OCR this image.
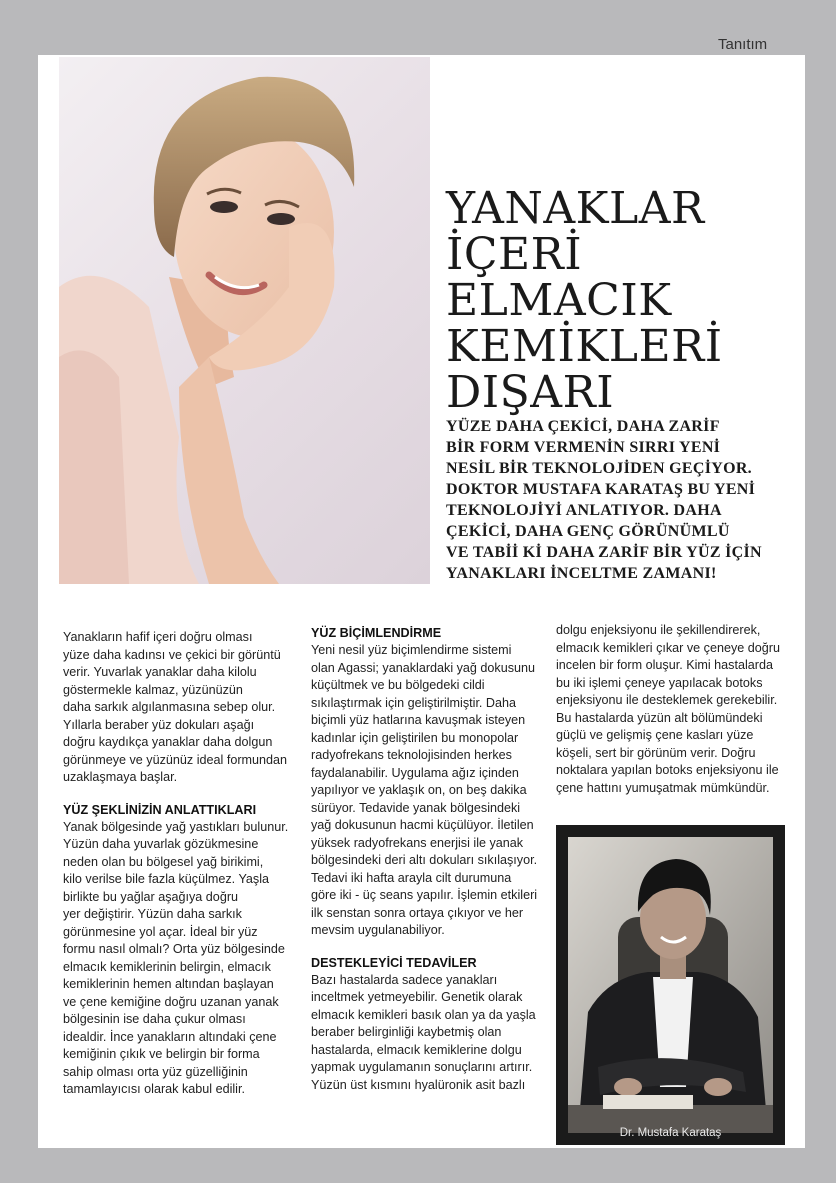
Tanıtım
YANAKLAR
İÇERİ
ELMACIK
KEMİKLERİ
DIŞARI

YÜZE DAHA ÇEKİCİ, DAHA ZARİF
BİR FORM VERMENİN SIRRI YENİ
NESİL BİR TEKNOLOJİDEN GEÇİYOR.
DOKTOR MUSTAFA KARATAŞ BU YENİ
TEKNOLOJİYİ ANLATIYOR. DAHA
ÇEKİCİ, DAHA GENÇ GÖRÜNÜMLÜ
VE TABİİ Kİ DAHA ZARİF BİR YÜZ İÇİN
YANAKLARI İNCELTME ZAMANI!

Yanakların hafif içeri doğru olması
yüze daha kadınsı ve çekici bir görüntü
verir. Yuvarlak yanaklar daha kilolu
göstermekle kalmaz, yüzünüzün
daha sarkık algılanmasına sebep olur.
Yıllarla beraber yüz dokuları aşağı
doğru kaydıkça yanaklar daha dolgun
görünmeye ve yüzünüz ideal formundan
uzaklaşmaya başlar.
YÜZ ŞEKLİNİZİN ANLATTIKLARI
Yanak bölgesinde yağ yastıkları bulunur.
Yüzün daha yuvarlak gözükmesine
neden olan bu bölgesel yağ birikimi,
kilo verilse bile fazla küçülmez. Yaşla
birlikte bu yağlar aşağıya doğru
yer değiştirir. Yüzün daha sarkık
görünmesine yol açar. İdeal bir yüz
formu nasıl olmalı? Orta yüz bölgesinde
elmacık kemiklerinin belirgin, elmacık
kemiklerinin hemen altından başlayan
ve çene kemiğine doğru uzanan yanak
bölgesinin ise daha çukur olması
idealdir. İnce yanakların altındaki çene
kemiğinin çıkık ve belirgin bir forma
sahip olması orta yüz güzelliğinin
tamamlayıcısı olarak kabul edilir.
YÜZ BİÇİMLENDİRME
Yeni nesil yüz biçimlendirme sistemi
olan Agassi; yanaklardaki yağ dokusunu
küçültmek ve bu bölgedeki cildi
sıkılaştırmak için geliştirilmiştir. Daha
biçimli yüz hatlarına kavuşmak isteyen
kadınlar için geliştirilen bu monopolar
radyofrekans teknolojisinden herkes
faydalanabilir. Uygulama ağız içinden
yapılıyor ve yaklaşık on, on beş dakika
sürüyor. Tedavide yanak bölgesindeki
yağ dokusunun hacmi küçülüyor. İletilen
yüksek radyofrekans enerjisi ile yanak
bölgesindeki deri altı dokuları sıkılaşıyor.
Tedavi iki hafta arayla cilt durumuna
göre iki - üç seans yapılır. İşlemin etkileri
ilk senstan sonra ortaya çıkıyor ve her
mevsim uygulanabiliyor.
DESTEKLEYİCİ TEDAVİLER
Bazı hastalarda sadece yanakları
inceltmek yetmeyebilir. Genetik olarak
elmacık kemikleri basık olan ya da yaşla
beraber belirginliği kaybetmiş olan
hastalarda, elmacık kemiklerine dolgu
yapmak uygulamanın sonuçlarını artırır.
Yüzün üst kısmını hyalüronik asit bazlı
dolgu enjeksiyonu ile şekillendirerek,
elmacık kemikleri çıkar ve çeneye doğru
incelen bir form oluşur. Kimi hastalarda
bu iki işlemi çeneye yapılacak botoks
enjeksiyonu ile desteklemek gerekebilir.
Bu hastalarda yüzün alt bölümündeki
güçlü ve gelişmiş çene kasları yüze
köşeli, sert bir görünüm verir. Doğru
noktalara yapılan botoks enjeksiyonu ile
çene hattını yumuşatmak mümkündür.
Dr. Mustafa Karataş
